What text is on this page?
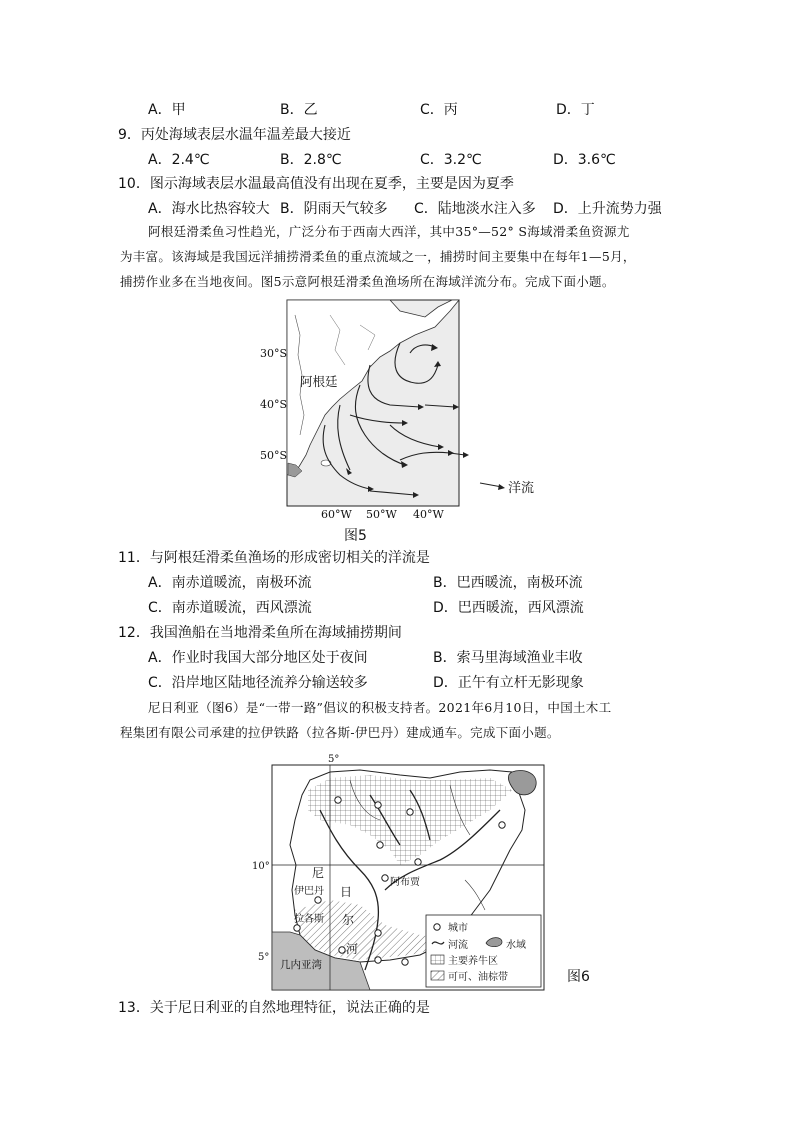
A．甲	B．乙	C．丙	D．丁
9．丙处海域表层水温年温差最大接近
A．2.4℃	B．2.8℃	C．3.2℃	D．3.6℃
10．图示海域表层水温最高值没有出现在夏季，主要是因为夏季
A．海水比热容较大 B．阴雨天气较多 C．陆地淡水注入多 D．上升流势力强
阿根廷滑柔鱼习性趋光，广泛分布于西南大西洋，其中35°—52° S海域滑柔鱼资源尤
为丰富。该海域是我国远洋捕捞滑柔鱼的重点流域之一，捕捞时间主要集中在每年1—5月，
捕捞作业多在当地夜间。图5示意阿根廷滑柔鱼渔场所在海域洋流分布。完成下面小题。
洋流
30°S
40°S
50°S
60°W 50°W 40°W
阿根廷
图5
11．与阿根廷滑柔鱼渔场的形成密切相关的洋流是
A．南赤道暖流，南极环流	B．巴西暖流，南极环流
C．南赤道暖流，西风漂流	D．巴西暖流，西风漂流
12．我国渔船在当地滑柔鱼所在海域捕捞期间
A．作业时我国大部分地区处于夜间	B．索马里海域渔业丰收
C．沿岸地区陆地径流养分输送较多	D．正午有立杆无影现象
尼日利亚（图6）是“一带一路”倡议的积极支持者。2021年6月10日，中国土木工
程集团有限公司承建的拉伊铁路（拉各斯-伊巴丹）建成通车。完成下面小题。
5°
10°
5°
伊巴丹
拉各斯
阿布贾
尼
日
尔
河
几内亚湾
城市
河流	水域
主要养牛区
可可、油棕带	图6
13．关于尼日利亚的自然地理特征，说法正确的是
